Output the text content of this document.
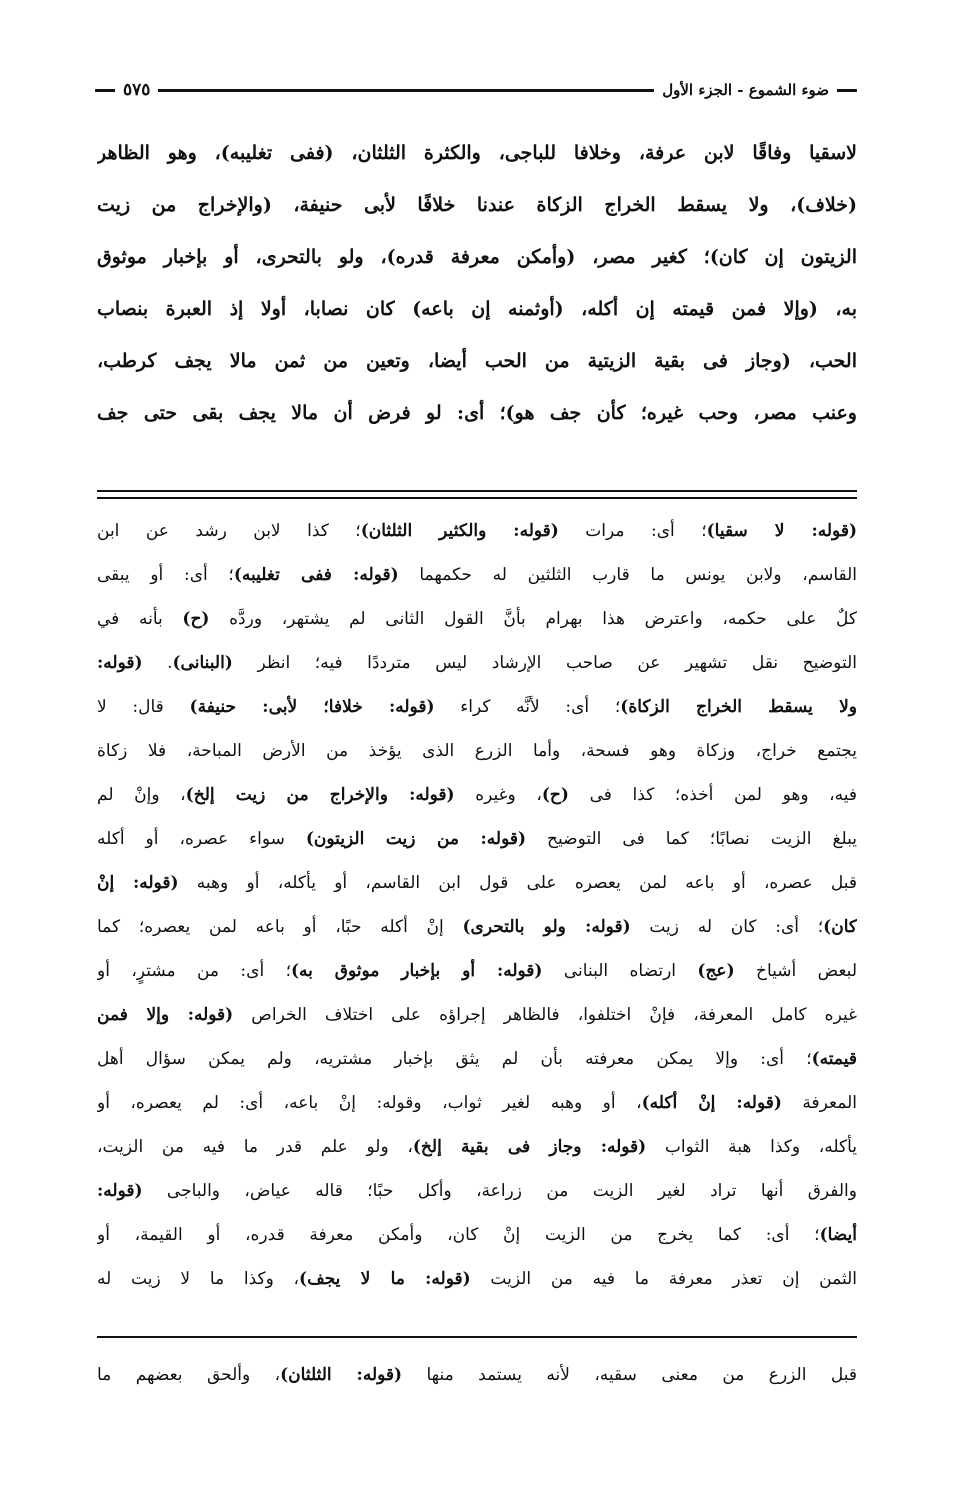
ضوء الشموع - الجزء الأول
٥٧٥
لاسقيا وفاقًا لابن عرفة، وخلافا للباجى، والكثرة الثلثان، (ففى تغليبه)، وهو الظاهر
(خلاف)، ولا يسقط الخراج الزكاة عندنا خلافًا لأبى حنيفة، (والإخراج من زيت
الزيتون إن كان)؛ كغير مصر، (وأمكن معرفة قدره)، ولو بالتحرى، أو بإخبار موثوق
به، (وإلا فمن قيمته إن أكله، (أوثمنه إن باعه) كان نصابا، أولا إذ العبرة بنصاب
الحب، (وجاز فى بقية الزيتية من الحب أيضا، وتعين من ثمن مالا يجف كرطب،
وعنب مصر، وحب غيره؛ كأن جف هو)؛ أى: لو فرض أن مالا يجف بقى حتى جف
(قوله: لا سقيا)؛ أى: مرات (قوله: والكثير الثلثان)؛ كذا لابن رشد عن ابن
القاسم، ولابن يونس ما قارب الثلثين له حكمهما (قوله: ففى تغليبه)؛ أى: أو يبقى
كلٌ على حكمه، واعترض هذا بهرام بأنَّ القول الثانى لم يشتهر، وردَّه (ح) بأنه في
التوضيح نقل تشهير عن صاحب الإرشاد ليس مترددًا فيه؛ انظر (البنانى). (قوله:
ولا يسقط الخراج الزكاة)؛ أى: لأنَّه كراء (قوله: خلافا؛ لأبى: حنيفة) قال: لا
يجتمع خراج، وزكاة وهو فسحة، وأما الزرع الذى يؤخذ من الأرض المباحة، فلا زكاة
فيه، وهو لمن أخذه؛ كذا فى (ح)، وغيره (قوله: والإخراج من زيت إلخ)، وإنْ لم
يبلغ الزيت نصابًا؛ كما فى التوضيح (قوله: من زيت الزيتون) سواء عصره، أو أكله
قبل عصره، أو باعه لمن يعصره على قول ابن القاسم، أو يأكله، أو وهبه (قوله: إنْ
كان)؛ أى: كان له زيت (قوله: ولو بالتحرى) إنْ أكله حبًا، أو باعه لمن يعصره؛ كما
لبعض أشياخ (عج) ارتضاه البنانى (قوله: أو بإخبار موثوق به)؛ أى: من مشترٍ، أو
غيره كامل المعرفة، فإنْ اختلفوا، فالظاهر إجراؤه على اختلاف الخراص (قوله: وإلا فمن
قيمته)؛ أى: وإلا يمكن معرفته بأن لم يثق بإخبار مشتريه، ولم يمكن سؤال أهل
المعرفة (قوله: إنْ أكله)، أو وهبه لغير ثواب، وقوله: إنْ باعه، أى: لم يعصره، أو
يأكله، وكذا هبة الثواب (قوله: وجاز فى بقية إلخ)، ولو علم قدر ما فيه من الزيت،
والفرق أنها تراد لغير الزيت من زراعة، وأكل حبًا؛ قاله عياض، والباجى (قوله:
أيضا)؛ أى: كما يخرج من الزيت إنْ كان، وأمكن معرفة قدره، أو القيمة، أو
الثمن إن تعذر معرفة ما فيه من الزيت (قوله: ما لا يجف)، وكذا ما لا زيت له
قبل الزرع من معنى سقيه، لأنه يستمد منها (قوله: الثلثان)، وألحق بعضهم ما
